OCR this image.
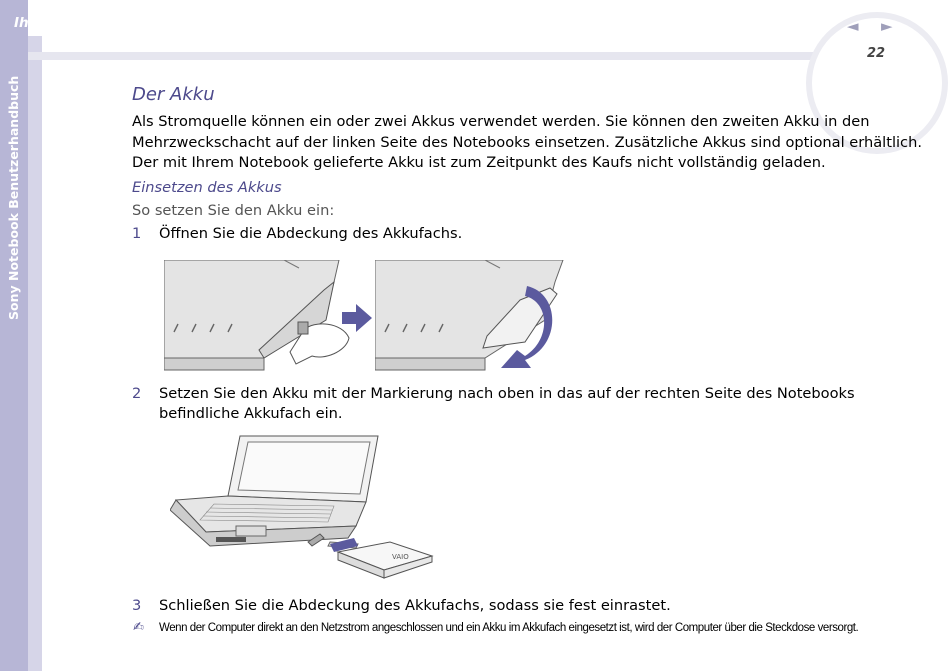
Ihr Notebook
Sony Notebook Benutzerhandbuch
◄ ►
22
Der Akku
Als Stromquelle können ein oder zwei Akkus verwendet werden. Sie können den zweiten Akku in den Mehrzweckschacht auf der linken Seite des Notebooks einsetzen. Zusätzliche Akkus sind optional erhältlich. Der mit Ihrem Notebook gelieferte Akku ist zum Zeitpunkt des Kaufs nicht vollständig geladen.
Einsetzen des Akkus
So setzen Sie den Akku ein:
1 Öffnen Sie die Abdeckung des Akkufachs.
2 Setzen Sie den Akku mit der Markierung nach oben in das auf der rechten Seite des Notebooks befindliche Akkufach ein.
VAIO
3 Schließen Sie die Abdeckung des Akkufachs, sodass sie fest einrastet.
✍ Wenn der Computer direkt an den Netzstrom angeschlossen und ein Akku im Akkufach eingesetzt ist, wird der Computer über die Steckdose versorgt.
